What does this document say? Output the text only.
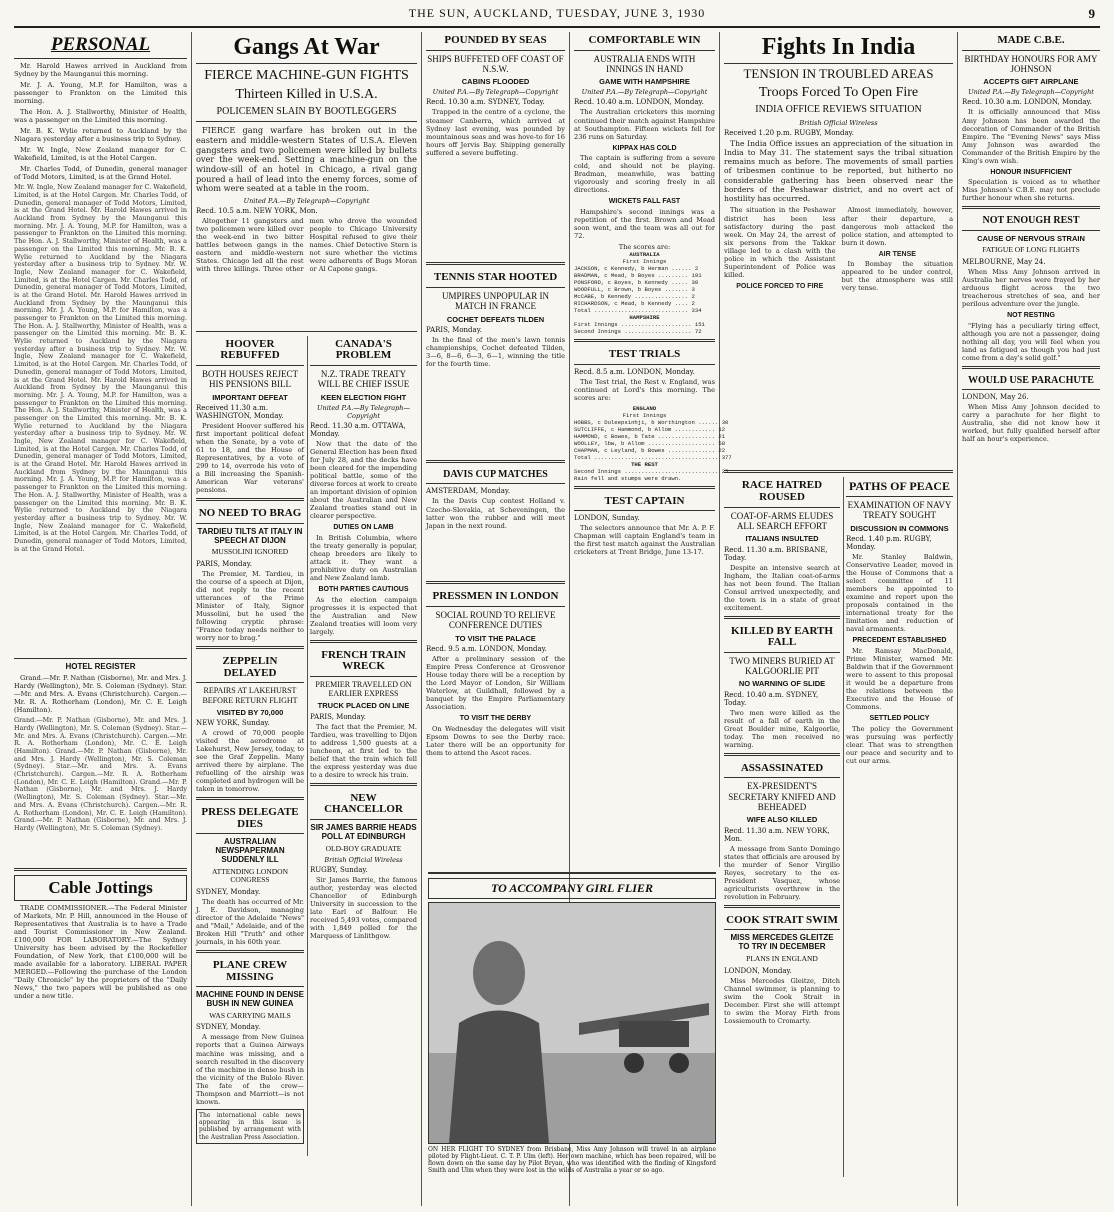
THE SUN, AUCKLAND, TUESDAY, JUNE 3, 1930	9
PERSONAL

Mr. Harold Hawes arrived in Auckland from Sydney by the Maunganui this morning.

Mr. J. A. Young, M.P. for Hamilton, was a passenger to Frankton on the Limited this morning.

The Hon. A. J. Stallworthy, Minister of Health, was a passenger on the Limited this morning.

Mr. B. K. Wylie returned to Auckland by the Niagara yesterday after a business trip to Sydney.

Mr. W. Ingle, New Zealand manager for C. Wakefield, Limited, is at the Hotel Cargen.

Mr. Charles Todd, of Dunedin, general manager of Todd Motors, Limited, is at the Grand Hotel.

Mr. W. Ingle, New Zealand manager for C. Wakefield, Limited, is at the Hotel Cargen. Mr. Charles Todd, of Dunedin, general manager of Todd Motors, Limited, is at the Grand Hotel. Mr. Harold Hawes arrived in Auckland from Sydney by the Maunganui this morning. Mr. J. A. Young, M.P. for Hamilton, was a passenger to Frankton on the Limited this morning. The Hon. A. J. Stallworthy, Minister of Health, was a passenger on the Limited this morning. Mr. B. K. Wylie returned to Auckland by the Niagara yesterday after a business trip to Sydney. Mr. W. Ingle, New Zealand manager for C. Wakefield, Limited, is at the Hotel Cargen. Mr. Charles Todd, of Dunedin, general manager of Todd Motors, Limited, is at the Grand Hotel. Mr. Harold Hawes arrived in Auckland from Sydney by the Maunganui this morning. Mr. J. A. Young, M.P. for Hamilton, was a passenger to Frankton on the Limited this morning. The Hon. A. J. Stallworthy, Minister of Health, was a passenger on the Limited this morning. Mr. B. K. Wylie returned to Auckland by the Niagara yesterday after a business trip to Sydney. Mr. W. Ingle, New Zealand manager for C. Wakefield, Limited, is at the Hotel Cargen. Mr. Charles Todd, of Dunedin, general manager of Todd Motors, Limited, is at the Grand Hotel. Mr. Harold Hawes arrived in Auckland from Sydney by the Maunganui this morning. Mr. J. A. Young, M.P. for Hamilton, was a passenger to Frankton on the Limited this morning. The Hon. A. J. Stallworthy, Minister of Health, was a passenger on the Limited this morning. Mr. B. K. Wylie returned to Auckland by the Niagara yesterday after a business trip to Sydney. Mr. W. Ingle, New Zealand manager for C. Wakefield, Limited, is at the Hotel Cargen. Mr. Charles Todd, of Dunedin, general manager of Todd Motors, Limited, is at the Grand Hotel. Mr. Harold Hawes arrived in Auckland from Sydney by the Maunganui this morning. Mr. J. A. Young, M.P. for Hamilton, was a passenger to Frankton on the Limited this morning. The Hon. A. J. Stallworthy, Minister of Health, was a passenger on the Limited this morning. Mr. B. K. Wylie returned to Auckland by the Niagara yesterday after a business trip to Sydney. Mr. W. Ingle, New Zealand manager for C. Wakefield, Limited, is at the Hotel Cargen. Mr. Charles Todd, of Dunedin, general manager of Todd Motors, Limited, is at the Grand Hotel.

HOTEL REGISTER

Grand.—Mr. P. Nathan (Gisborne), Mr. and Mrs. J. Hardy (Wellington), Mr. S. Coleman (Sydney). Star.—Mr. and Mrs. A. Evans (Christchurch). Cargen.—Mr. R. A. Rotherham (London), Mr. C. E. Leigh (Hamilton).

Grand.—Mr. P. Nathan (Gisborne), Mr. and Mrs. J. Hardy (Wellington), Mr. S. Coleman (Sydney). Star.—Mr. and Mrs. A. Evans (Christchurch). Cargen.—Mr. R. A. Rotherham (London), Mr. C. E. Leigh (Hamilton). Grand.—Mr. P. Nathan (Gisborne), Mr. and Mrs. J. Hardy (Wellington), Mr. S. Coleman (Sydney). Star.—Mr. and Mrs. A. Evans (Christchurch). Cargen.—Mr. R. A. Rotherham (London), Mr. C. E. Leigh (Hamilton). Grand.—Mr. P. Nathan (Gisborne), Mr. and Mrs. J. Hardy (Wellington), Mr. S. Coleman (Sydney). Star.—Mr. and Mrs. A. Evans (Christchurch). Cargen.—Mr. R. A. Rotherham (London), Mr. C. E. Leigh (Hamilton). Grand.—Mr. P. Nathan (Gisborne), Mr. and Mrs. J. Hardy (Wellington), Mr. S. Coleman (Sydney).

Cable Jottings

TRADE COMMISSIONER.—The Federal Minister of Markets, Mr. P. Hill, announced in the House of Representatives that Australia is to have a Trade and Tourist Commissioner in New Zealand. £100,000 FOR LABORATORY.—The Sydney University has been advised by the Rockefeller Foundation, of New York, that £100,000 will be made available for a laboratory. LIBERAL PAPER MERGED.—Following the purchase of the London "Daily Chronicle" by the proprietors of the "Daily News," the two papers will be published as one under a new title.

Gangs At War
FIERCE MACHINE-GUN FIGHTS
Thirteen Killed in U.S.A.
POLICEMEN SLAIN BY BOOTLEGGERS

FIERCE gang warfare has broken out in the eastern and middle-western States of U.S.A. Eleven gangsters and two policemen were killed by bullets over the week-end. Setting a machine-gun on the window-sill of an hotel in Chicago, a rival gang poured a hail of lead into the enemy forces, some of whom were seated at a table in the room.

United P.A.—By Telegraph—Copyright
Recd. 10.5 a.m. NEW YORK, Mon.

Altogether 11 gangsters and two policemen were killed over the week-end in two bitter battles between gangs in the eastern and middle-western States. Chicago led all the rest with three killings. Three other men who drove the wounded people to Chicago University Hospital refused to give their names. Chief Detective Stern is not sure whether the victims were adherents of Bugs Moran or Al Capone gangs.

HOOVER REBUFFED
BOTH HOUSES REJECT HIS PENSIONS BILL
IMPORTANT DEFEAT
Received 11.30 a.m. WASHINGTON, Monday.

President Hoover suffered his first important political defeat when the Senate, by a vote of 61 to 18, and the House of Representatives, by a vote of 299 to 14, overrode his veto of a Bill increasing the Spanish-American War veterans' pensions.

NO NEED TO BRAG
TARDIEU TILTS AT ITALY IN SPEECH AT DIJON
MUSSOLINI IGNORED
PARIS, Monday.

The Premier, M. Tardieu, in the course of a speech at Dijon, did not reply to the recent utterances of the Prime Minister of Italy, Signor Mussolini, but he used the following cryptic phrase: "France today needs neither to worry nor to brag."

ZEPPELIN DELAYED
REPAIRS AT LAKEHURST BEFORE RETURN FLIGHT
VISITED BY 70,000
NEW YORK, Sunday.

A crowd of 70,000 people visited the aerodrome at Lakehurst, New Jersey, today, to see the Graf Zeppelin. Many arrived there by airplane. The refuelling of the airship was completed and hydrogen will be taken in tomorrow.

PRESS DELEGATE DIES
AUSTRALIAN NEWSPAPERMAN SUDDENLY ILL
ATTENDING LONDON CONGRESS
SYDNEY, Monday.

The death has occurred of Mr. J. E. Davidson, managing director of the Adelaide "News" and "Mail," Adelaide, and of the Broken Hill "Truth" and other journals, in his 60th year.

PLANE CREW MISSING
MACHINE FOUND IN DENSE BUSH IN NEW GUINEA
WAS CARRYING MAILS
SYDNEY, Monday.

A message from New Guinea reports that a Guinea Airways machine was missing, and a search resulted in the discovery of the machine in dense bush in the vicinity of the Bulolo River. The fate of the crew—Thompson and Marriott—is not known.

The international cable news appearing in this issue is published by arrangement with the Australian Press Association.
CANADA'S PROBLEM
N.Z. TRADE TREATY WILL BE CHIEF ISSUE
KEEN ELECTION FIGHT
United P.A.—By Telegraph—Copyright
Recd. 11.30 a.m. OTTAWA, Monday.

Now that the date of the General Election has been fixed for July 28, and the decks have been cleared for the impending political battle, some of the diverse forces at work to create an important division of opinion about the Australian and New Zealand treaties stand out in clearer perspective.

DUTIES ON LAMB

In British Columbia, where the treaty generally is popular, cheap breeders are likely to attack it. They want a prohibitive duty on Australian and New Zealand lamb.

BOTH PARTIES CAUTIOUS

As the election campaign progresses it is expected that the Australian and New Zealand treaties will loom very largely.

FRENCH TRAIN WRECK
PREMIER TRAVELLED ON EARLIER EXPRESS
TRUCK PLACED ON LINE
PARIS, Monday.

The fact that the Premier, M. Tardieu, was travelling to Dijon to address 1,500 guests at a luncheon, at first led to the belief that the train which fell the express yesterday was due to a desire to wreck his train.

NEW CHANCELLOR
SIR JAMES BARRIE HEADS POLL AT EDINBURGH
OLD-BOY GRADUATE
British Official Wireless
RUGBY, Sunday.

Sir James Barrie, the famous author, yesterday was elected Chancellor of Edinburgh University in succession to the late Earl of Balfour. He received 5,493 votes, compared with 1,849 polled for the Marquess of Linlithgow.

POUNDED BY SEAS
SHIPS BUFFETED OFF COAST OF N.S.W.
CABINS FLOODED
United P.A.—By Telegraph—Copyright
Recd. 10.30 a.m. SYDNEY, Today.

Trapped in the centre of a cyclone, the steamer Canberra, which arrived at Sydney last evening, was pounded by mountainous seas and was hove-to for 16 hours off Jervis Bay. Shipping generally suffered a severe buffeting.

TENNIS STAR HOOTED
UMPIRES UNPOPULAR IN MATCH IN FRANCE
COCHET DEFEATS TILDEN
PARIS, Monday.

In the final of the men's lawn tennis championships, Cochet defeated Tilden, 3—6, 8—6, 6—3, 6—1, winning the title for the fourth time.

DAVIS CUP MATCHES
AMSTERDAM, Monday.

In the Davis Cup contest Holland v. Czecho-Slovakia, at Scheveningen, the latter won the rubber and will meet Japan in the next round.

PRESSMEN IN LONDON
SOCIAL ROUND TO RELIEVE CONFERENCE DUTIES
TO VISIT THE PALACE
Recd. 9.5 a.m. LONDON, Monday.

After a preliminary session of the Empire Press Conference at Grosvenor House today there will be a reception by the Lord Mayor of London, Sir William Waterlow, at Guildhall, followed by a banquet by the Empire Parliamentary Association.

TO VISIT THE DERBY

On Wednesday the delegates will visit Epsom Downs to see the Derby race. Later there will be an opportunity for them to attend the Ascot races.

COMFORTABLE WIN
AUSTRALIA ENDS WITH INNINGS IN HAND
GAME WITH HAMPSHIRE
United P.A.—By Telegraph—Copyright
Recd. 10.40 a.m. LONDON, Monday.

The Australian cricketers this morning continued their match against Hampshire at Southampton. Fifteen wickets fell for 236 runs on Saturday.

KIPPAX HAS COLD

The captain is suffering from a severe cold, and should not be playing. Bradman, meanwhile, was batting vigorously and scoring freely in all directions.

WICKETS FALL FAST

Hampshire's second innings was a repetition of the first. Brown and Mead soon went, and the team was all out for 72.

The scores are:
AUSTRALIA
First Innings
JACKSON, c Kennedy, b Herman ...... 2
BRADMAN, c Mead, b Boyes ......... 191
PONSFORD, c Boyes, b Kennedy ..... 30
WOODFULL, c Brown, b Boyes ....... 3
McCABE, b Kennedy ................ 2
RICHARDSON, c Mead, b Kennedy .... 2
Total ............................ 334
HAMPSHIRE
First Innings ..................... 151
Second Innings .................... 72
TEST TRIALS
Recd. 8.5 a.m. LONDON, Monday.

The Test trial, the Rest v. England, was continued at Lord's this morning. The scores are:

ENGLAND
First Innings
HOBBS, c Duleepsinhji, b Worthington ...... 30
SUTCLIFFE, c Hammond, b Allom ............ 12
HAMMOND, c Bowes, b Tate ................. 21
WOOLLEY, lbw, b Allom .................... 58
CHAPMAN, c Leyland, b Bowes .............. 22
Total ..................................... 377
THE REST
Second Innings ............................ 25
Rain fell and stumps were drawn.
TEST CAPTAIN
LONDON, Sunday.

The selectors announce that Mr. A. P. F. Chapman will captain England's team in the first test match against the Australian cricketers at Trent Bridge, June 13-17.

TO ACCOMPANY GIRL FLIER
ON HER FLIGHT TO SYDNEY from Brisbane, Miss Amy Johnson will travel in an airplane piloted by Flight-Lieut. C. T. P. Ulm (left). Her own machine, which has been repaired, will be flown down on the same day by Pilot Bryan, who was identified with the finding of Kingsford Smith and Ulm when they were lost in the wilds of Australia a year or so ago.
Fights In India
TENSION IN TROUBLED AREAS
Troops Forced To Open Fire
INDIA OFFICE REVIEWS SITUATION
British Official Wireless
Received 1.20 p.m. RUGBY, Monday.

The India Office issues an appreciation of the situation in India to May 31. The statement says the tribal situation remains much as before. The movements of small parties of tribesmen continue to be reported, but hitherto no considerable gathering has been observed near the borders of the Peshawar district, and no overt act of hostility has occurred.

The situation in the Peshawar district has been less satisfactory during the past week. On May 24, the arrest of six persons from the Takkar village led to a clash with the police in which the Assistant Superintendent of Police was killed.

POLICE FORCED TO FIRE

Almost immediately, however, after their departure, a dangerous mob attacked the police station, and attempted to burn it down.

AIR TENSE

In Bombay the situation appeared to be under control, but the atmosphere was still very tense.

RACE HATRED ROUSED
COAT-OF-ARMS ELUDES ALL SEARCH EFFORT
ITALIANS INSULTED
Recd. 11.30 a.m. BRISBANE, Today.

Despite an intensive search at Ingham, the Italian coat-of-arms has not been found. The Italian Consul arrived unexpectedly, and the town is in a state of great excitement.

KILLED BY EARTH FALL
TWO MINERS BURIED AT KALGOORLIE PIT
NO WARNING OF SLIDE
Recd. 10.40 a.m. SYDNEY, Today.

Two men were killed as the result of a fall of earth in the Great Boulder mine, Kalgoorlie, today. The men received no warning.

ASSASSINATED
EX-PRESIDENT'S SECRETARY KNIFED AND BEHEADED
WIFE ALSO KILLED
Recd. 11.30 a.m. NEW YORK, Mon.

A message from Santo Domingo states that officials are aroused by the murder of Senor Virgilio Reyes, secretary to the ex-President Vasquez, whose agriculturists overthrew in the revolution in February.

COOK STRAIT SWIM
MISS MERCEDES GLEITZE TO TRY IN DECEMBER
PLANS IN ENGLAND
LONDON, Monday.

Miss Mercedes Gleitze, Ditch Channel swimmer, is planning to swim the Cook Strait in December. First she will attempt to swim the Moray Firth from Lossiemouth to Cromarty.

PATHS OF PEACE
EXAMINATION OF NAVY TREATY SOUGHT
DISCUSSION IN COMMONS
Recd. 1.40 p.m. RUGBY, Monday.

Mr. Stanley Baldwin, Conservative Leader, moved in the House of Commons that a select committee of 11 members be appointed to examine and report upon the proposals contained in the international treaty for the limitation and reduction of naval armaments.

PRECEDENT ESTABLISHED

Mr. Ramsay MacDonald, Prime Minister, warned Mr. Baldwin that if the Government were to assent to this proposal it would be a departure from the relations between the Executive and the House of Commons.

SETTLED POLICY

The policy the Government was pursuing was perfectly clear. That was to strengthen our peace and security and to cut our arms.

MADE C.B.E.
BIRTHDAY HONOURS FOR AMY JOHNSON
ACCEPTS GIFT AIRPLANE
United P.A.—By Telegraph—Copyright
Recd. 10.30 a.m. LONDON, Monday.

It is officially announced that Miss Amy Johnson has been awarded the decoration of Commander of the British Empire. The "Evening News" says Miss Amy Johnson was awarded the Commander of the British Empire by the King's own wish.

HONOUR INSUFFICIENT

Speculation is voiced as to whether Miss Johnson's C.B.E. may not preclude further honour when she returns.

NOT ENOUGH REST
CAUSE OF NERVOUS STRAIN
FATIGUE OF LONG FLIGHTS
MELBOURNE, May 24.

When Miss Amy Johnson arrived in Australia her nerves were frayed by her arduous flight across the two treacherous stretches of sea, and her perilous adventure over the jungle.

NOT RESTING

"Flying has a peculiarly tiring effect, although you are not a passenger, doing nothing all day, you will feel when you land as fatigued as though you had just come from a day's solid golf."

WOULD USE PARACHUTE
LONDON, May 26.

When Miss Amy Johnson decided to carry a parachute for her flight to Australia, she did not know how it worked, but fully qualified herself after half an hour's experience.
